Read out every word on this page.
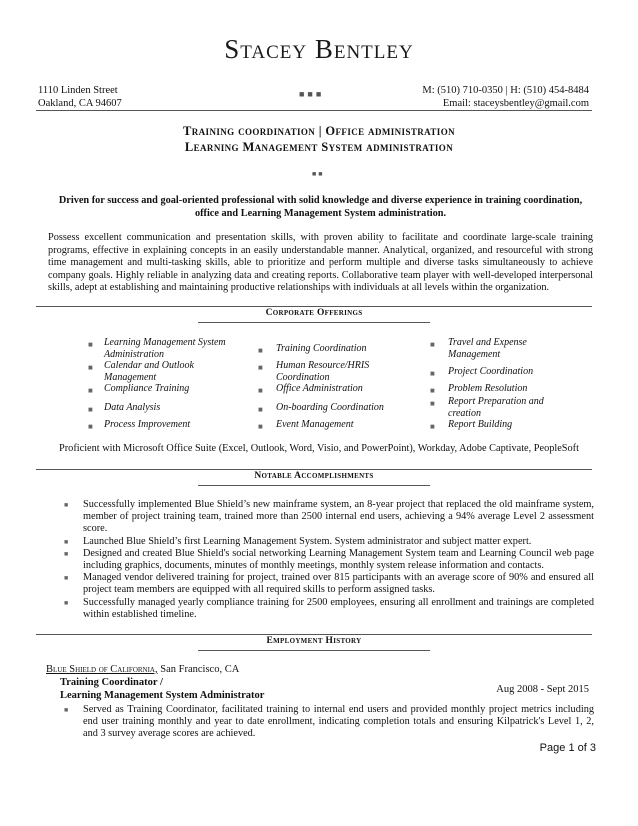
Stacey Bentley
1110 Linden Street
Oakland, CA 94607
■■■	M: (510) 710-0350 | H: (510) 454-8484
Email: staceysbentley@gmail.com
Training coordination | Office administration
Learning Management System administration
■■
Driven for success and goal-oriented professional with solid knowledge and diverse experience in training coordination, office and Learning Management System administration.
Possess excellent communication and presentation skills, with proven ability to facilitate and coordinate large-scale training programs, effective in explaining concepts in an easily understandable manner. Analytical, organized, and resourceful with strong time management and multi-tasking skills, able to prioritize and perform multiple and diverse tasks simultaneously to achieve company goals. Highly reliable in analyzing data and creating reports. Collaborative team player with well-developed interpersonal skills, adept at establishing and maintaining productive relationships with individuals at all levels within the organization.
Corporate Offerings
■ Learning Management System Administration
■ Calendar and Outlook Management
■ Compliance Training
■ Data Analysis
■ Process Improvement
■ Training Coordination
■ Human Resource/HRIS Coordination
■ Office Administration
■ On-boarding Coordination
■ Event Management
■ Travel and Expense Management
■ Project Coordination
■ Problem Resolution
■ Report Preparation and creation
■ Report Building
Proficient with Microsoft Office Suite (Excel, Outlook, Word, Visio, and PowerPoint), Workday, Adobe Captivate, PeopleSoft
Notable Accomplishments
■ Successfully implemented Blue Shield’s new mainframe system, an 8-year project that replaced the old mainframe system, member of project training team, trained more than 2500 internal end users, achieving a 94% average Level 2 assessment score.
■ Launched Blue Shield’s first Learning Management System. System administrator and subject matter expert.
■ Designed and created Blue Shield's social networking Learning Management System team and Learning Council web page including graphics, documents, minutes of monthly meetings, monthly system release information and contacts.
■ Managed vendor delivered training for project, trained over 815 participants with an average score of 90% and ensured all project team members are equipped with all required skills to perform assigned tasks.
■ Successfully managed yearly compliance training for 2500 employees, ensuring all enrollment and trainings are completed within established timeline.
Employment History
Blue Shield of California, San Francisco, CA
Training Coordinator /
Learning Management System Administrator
Aug 2008 - Sept 2015
■ Served as Training Coordinator, facilitated training to internal end users and provided monthly project metrics including end user training monthly and year to date enrollment, indicating completion totals and ensuring Kilpatrick's Level 1, 2, and 3 survey average scores are achieved.
Page 1 of 3
